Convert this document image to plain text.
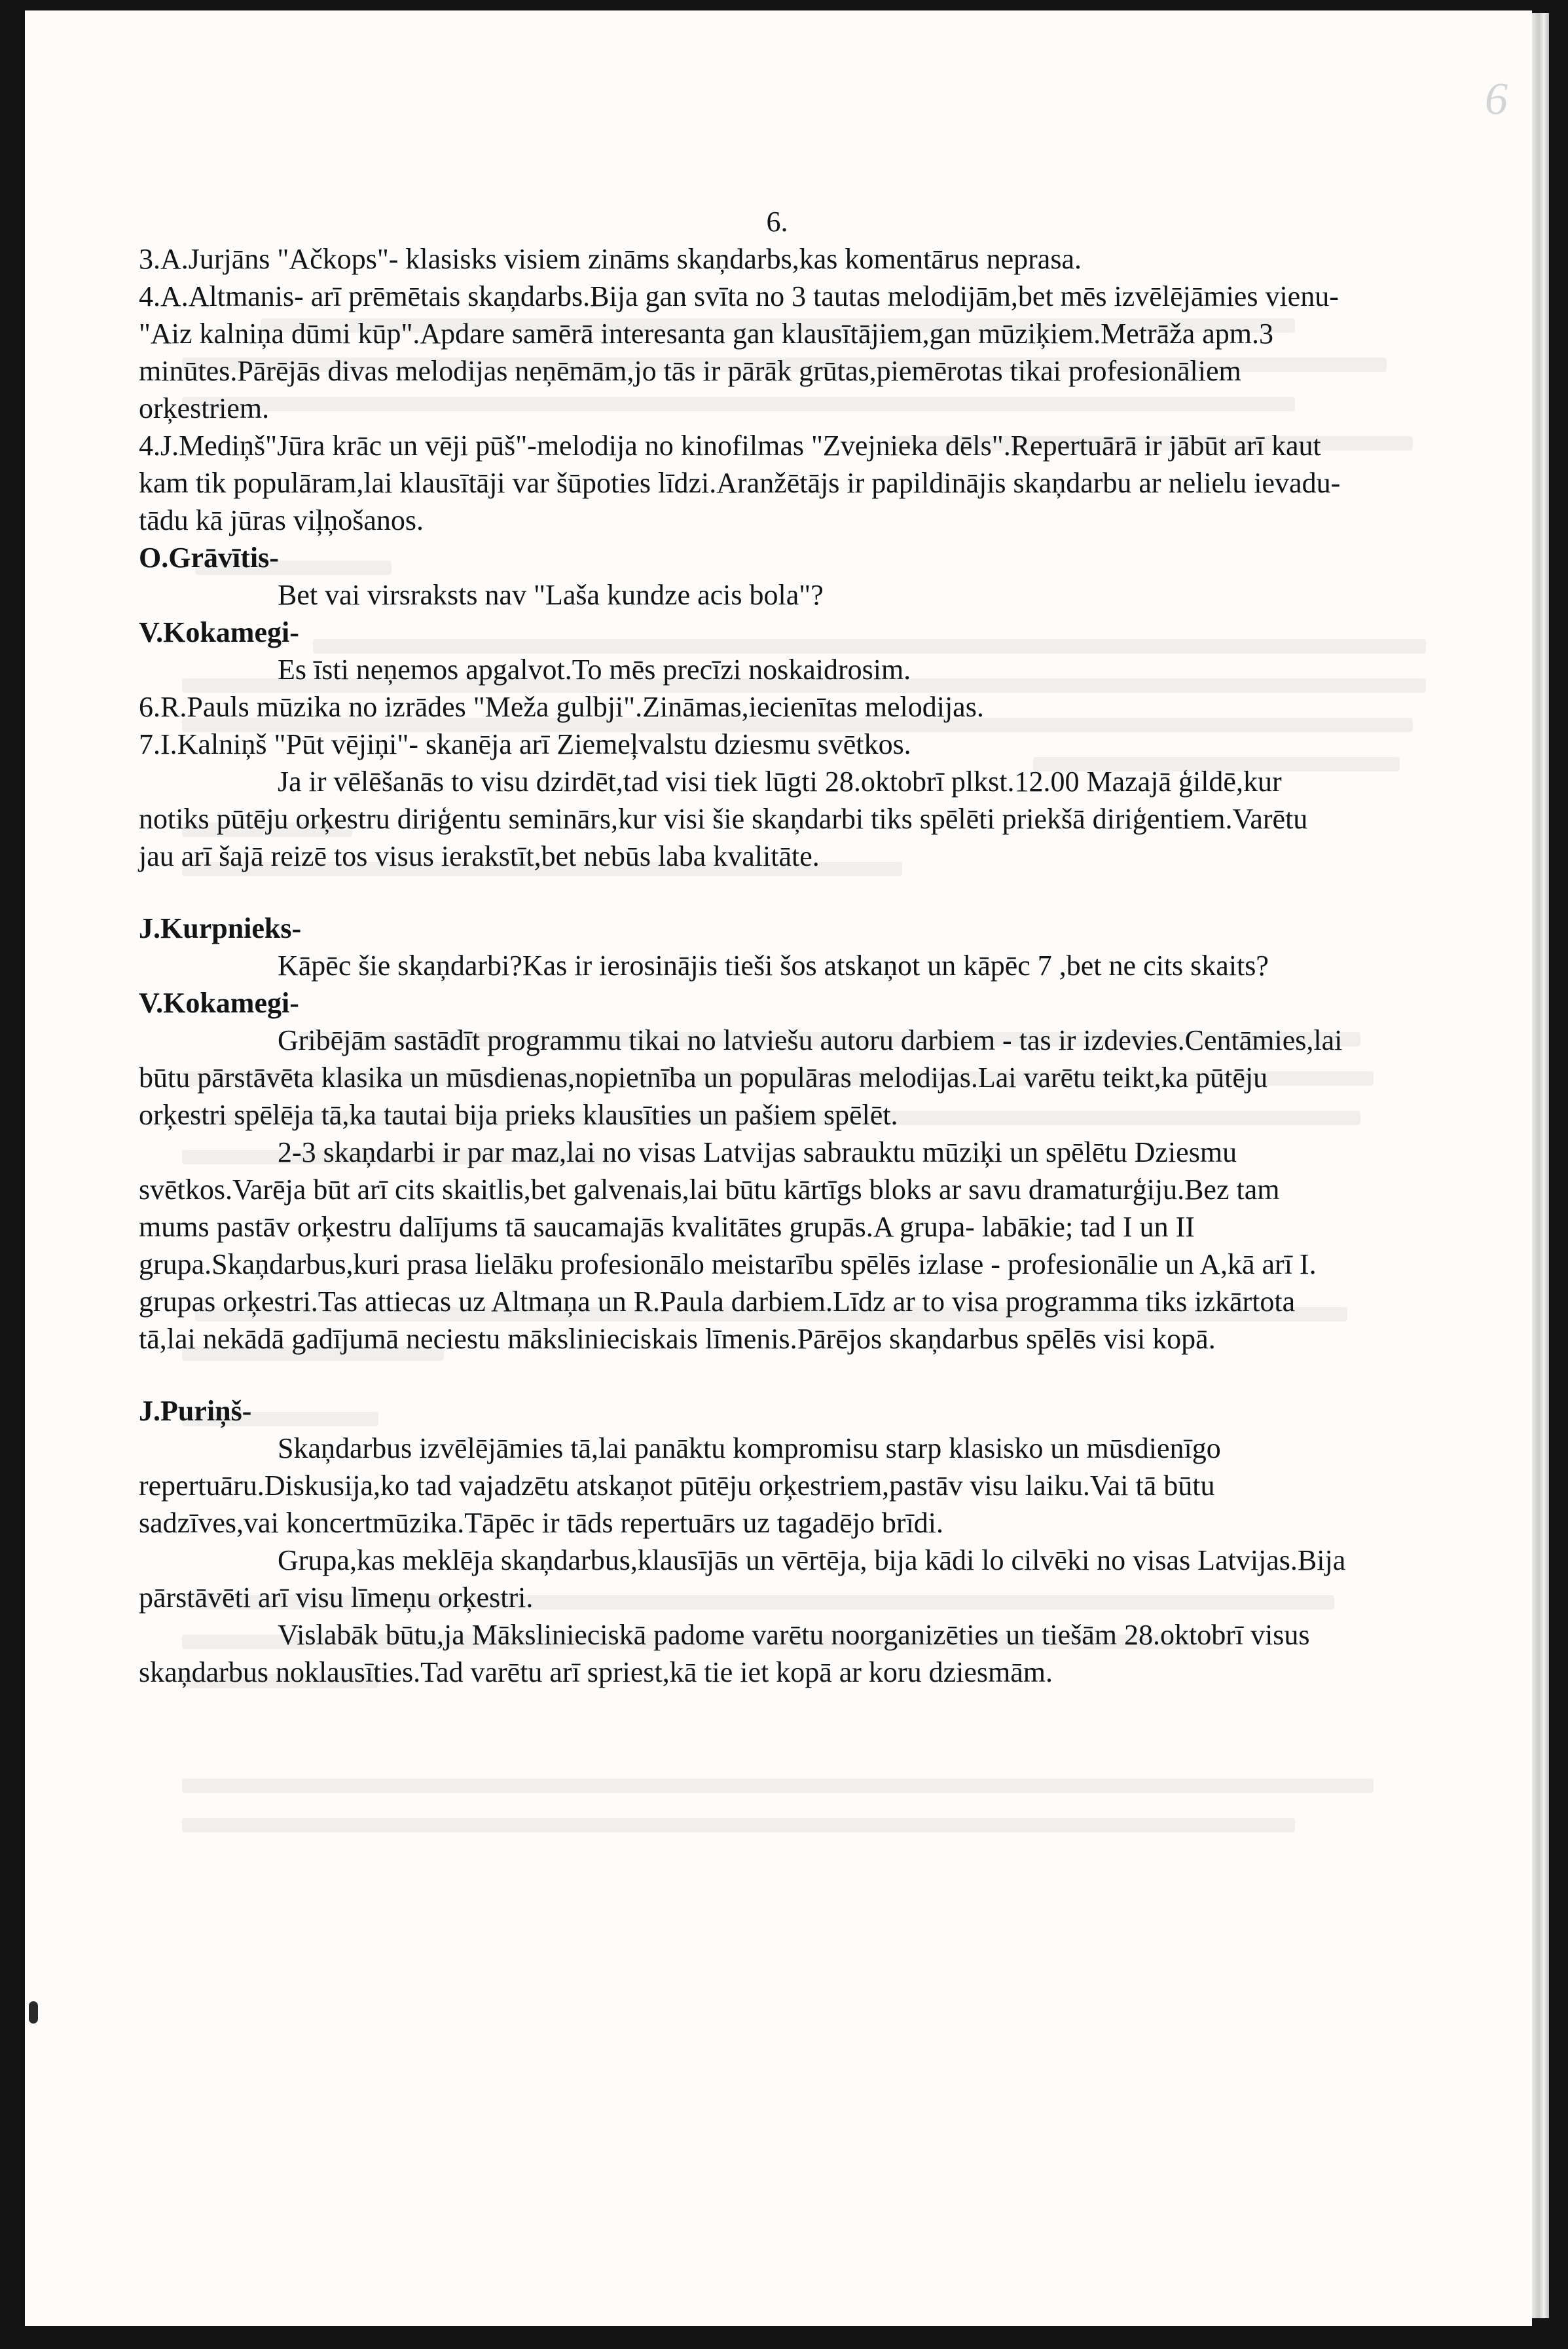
6
6.

3.A.Jurjāns "Ačkops"- klasisks visiem zināms skaņdarbs,kas komentārus neprasa.

4.A.Altmanis- arī prēmētais skaņdarbs.Bija gan svīta no 3 tautas melodijām,bet mēs izvēlējāmies vienu- "Aiz kalniņa dūmi kūp".Apdare samērā interesanta gan klausītājiem,gan mūziķiem.Metrāža apm.3 minūtes.Pārējās divas melodijas neņēmām,jo tās ir pārāk grūtas,piemērotas tikai profesionāliem orķestriem.

4.J.Mediņš"Jūra krāc un vēji pūš"-melodija no kinofilmas "Zvejnieka dēls".Repertuārā ir jābūt arī kaut kam tik populāram,lai klausītāji var šūpoties līdzi.Aranžētājs ir papildinājis skaņdarbu ar nelielu ievadu-tādu kā jūras viļņošanos.

O.Grāvītis-

Bet vai virsraksts nav "Laša kundze acis bola"?

V.Kokamegi-

Es īsti neņemos apgalvot.To mēs precīzi noskaidrosim.

6.R.Pauls mūzika no izrādes "Meža gulbji".Zināmas,iecienītas melodijas.

7.I.Kalniņš "Pūt vējiņi"- skanēja arī Ziemeļvalstu dziesmu svētkos.

Ja ir vēlēšanās to visu dzirdēt,tad visi tiek lūgti 28.oktobrī plkst.12.00 Mazajā ģildē,kur notiks pūtēju orķestru diriģentu seminārs,kur visi šie skaņdarbi tiks spēlēti priekšā diriģentiem.Varētu jau arī šajā reizē tos visus ierakstīt,bet nebūs laba kvalitāte.

J.Kurpnieks-

Kāpēc šie skaņdarbi?Kas ir ierosinājis tieši šos atskaņot un kāpēc 7 ,bet ne cits skaits?

V.Kokamegi-

Gribējām sastādīt programmu tikai no latviešu autoru darbiem - tas ir izdevies.Centāmies,lai būtu pārstāvēta klasika un mūsdienas,nopietnība un populāras melodijas.Lai varētu teikt,ka pūtēju orķestri spēlēja tā,ka tautai bija prieks klausīties un pašiem spēlēt.

2-3 skaņdarbi ir par maz,lai no visas Latvijas sabrauktu mūziķi un spēlētu Dziesmu svētkos.Varēja būt arī cits skaitlis,bet galvenais,lai būtu kārtīgs bloks ar savu dramaturģiju.Bez tam mums pastāv orķestru dalījums tā saucamajās kvalitātes grupās.A grupa- labākie; tad I un II grupa.Skaņdarbus,kuri prasa lielāku profesionālo meistarību spēlēs izlase - profesionālie un A,kā arī I. grupas orķestri.Tas attiecas uz Altmaņa un R.Paula darbiem.Līdz ar to visa programma tiks izkārtota tā,lai nekādā gadījumā neciestu mākslinieciskais līmenis.Pārējos skaņdarbus spēlēs visi kopā.

J.Puriņš-

Skaņdarbus izvēlējāmies tā,lai panāktu kompromisu starp klasisko un mūsdienīgo repertuāru.Diskusija,ko tad vajadzētu atskaņot pūtēju orķestriem,pastāv visu laiku.Vai tā būtu sadzīves,vai koncertmūzika.Tāpēc ir tāds repertuārs uz tagadējo brīdi.

Grupa,kas meklēja skaņdarbus,klausījās un vērtēja, bija kādi lo cilvēki no visas Latvijas.Bija pārstāvēti arī visu līmeņu orķestri.

Vislabāk būtu,ja Mākslinieciskā padome varētu noorganizēties un tiešām 28.oktobrī visus skaņdarbus noklausīties.Tad varētu arī spriest,kā tie iet kopā ar koru dziesmām.
